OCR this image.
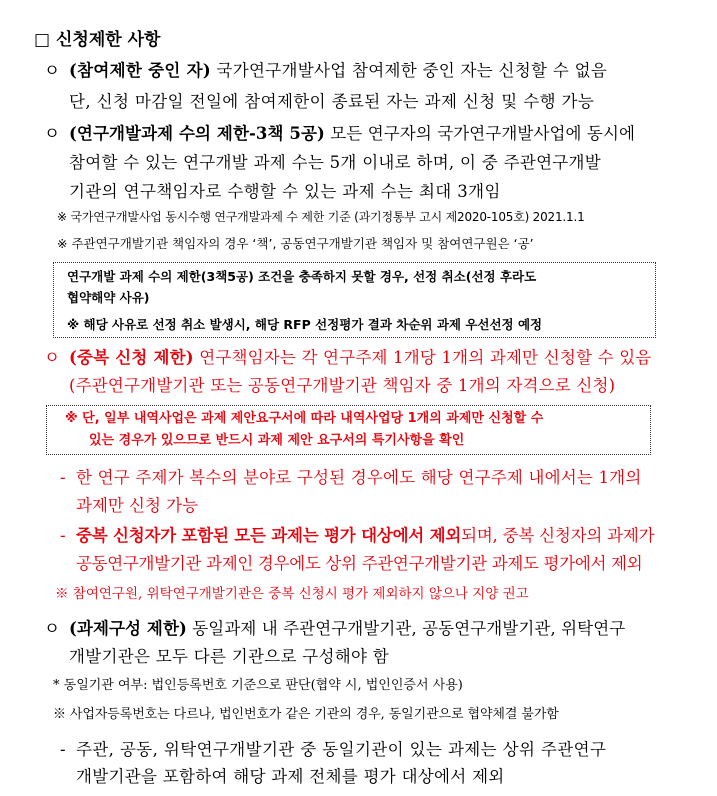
□ 신청제한 사항
ㅇ (참여제한 중인 자) 국가연구개발사업 참여제한 중인 자는 신청할 수 없음
단, 신청 마감일 전일에 참여제한이 종료된 자는 과제 신청 및 수행 가능
ㅇ (연구개발과제 수의 제한-3책 5공) 모든 연구자의 국가연구개발사업에 동시에
참여할 수 있는 연구개발 과제 수는 5개 이내로 하며, 이 중 주관연구개발
기관의 연구책임자로 수행할 수 있는 과제 수는 최대 3개임
※ 국가연구개발사업 동시수행 연구개발과제 수 제한 기준 (과기정통부 고시 제2020-105호) 2021.1.1
※ 주관연구개발기관 책임자의 경우 ‘책’, 공동연구개발기관 책임자 및 참여연구원은 ‘공’
연구개발 과제 수의 제한(3책5공) 조건을 충족하지 못할 경우, 선정 취소(선정 후라도
협약해약 사유)
※ 해당 사유로 선정 취소 발생시, 해당 RFP 선정평가 결과 차순위 과제 우선선정 예정
ㅇ (중복 신청 제한) 연구책임자는 각 연구주제 1개당 1개의 과제만 신청할 수 있음
(주관연구개발기관 또는 공동연구개발기관 책임자 중 1개의 자격으로 신청)
※ 단, 일부 내역사업은 과제 제안요구서에 따라 내역사업당 1개의 과제만 신청할 수
있는 경우가 있으므로 반드시 과제 제안 요구서의 특기사항을 확인
- 한 연구 주제가 복수의 분야로 구성된 경우에도 해당 연구주제 내에서는 1개의
과제만 신청 가능
- 중복 신청자가 포함된 모든 과제는 평가 대상에서 제외되며, 중복 신청자의 과제가
공동연구개발기관 과제인 경우에도 상위 주관연구개발기관 과제도 평가에서 제외
※ 참여연구원, 위탁연구개발기관은 중복 신청시 평가 제외하지 않으나 지양 권고
ㅇ (과제구성 제한) 동일과제 내 주관연구개발기관, 공동연구개발기관, 위탁연구
개발기관은 모두 다른 기관으로 구성해야 함
* 동일기관 여부: 법인등록번호 기준으로 판단(협약 시, 법인인증서 사용)
※ 사업자등록번호는 다르나, 법인번호가 같은 기관의 경우, 동일기관으로 협약체결 불가함
- 주관, 공동, 위탁연구개발기관 중 동일기관이 있는 과제는 상위 주관연구
개발기관을 포함하여 해당 과제 전체를 평가 대상에서 제외
